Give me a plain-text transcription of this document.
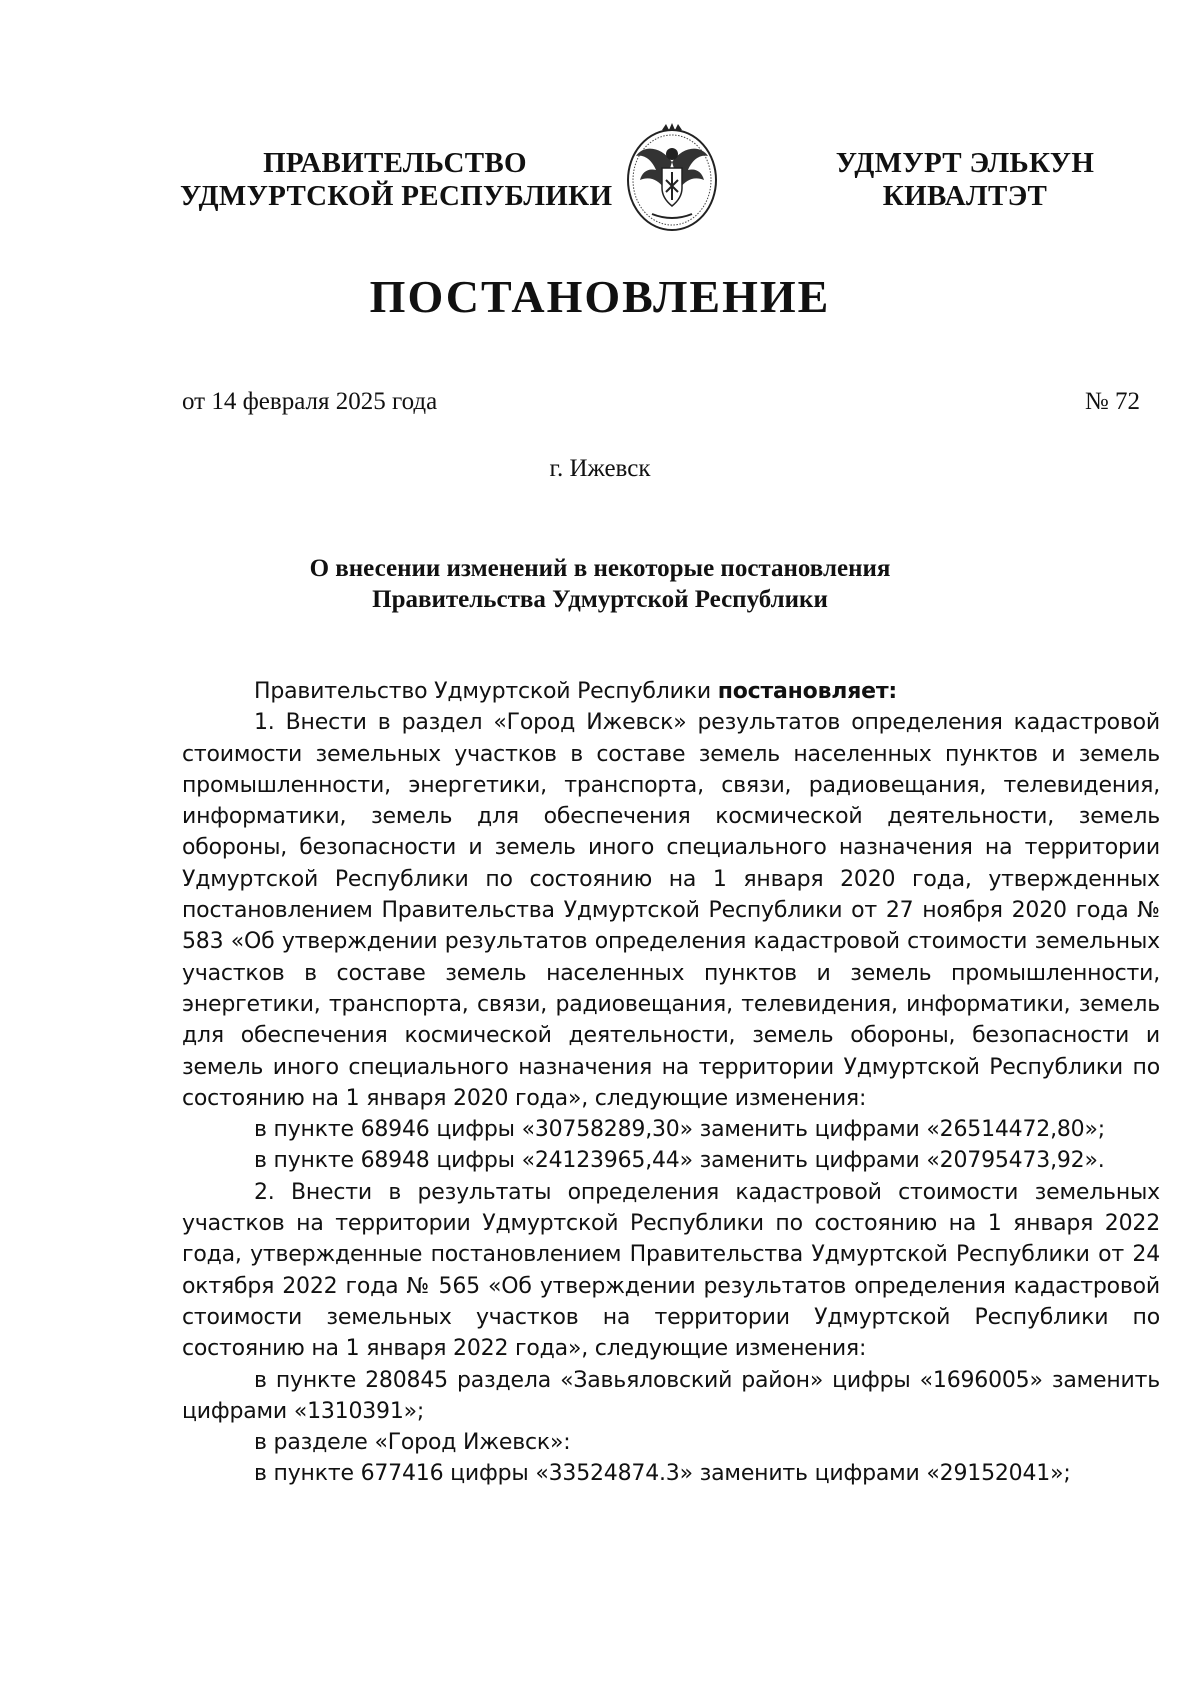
ПРАВИТЕЛЬСТВО
УДМУРТСКОЙ РЕСПУБЛИКИ
УДМУРТ ЭЛЬКУН
КИВАЛТЭТ
ПОСТАНОВЛЕНИЕ
от 14 февраля 2025 года	№ 72
г. Ижевск
О внесении изменений в некоторые постановления
Правительства Удмуртской Республики

Правительство Удмуртской Республики постановляет:

1. Внести в раздел «Город Ижевск» результатов определения кадастровой стоимости земельных участков в составе земель населенных пунктов и земель промышленности, энергетики, транспорта, связи, радиовещания, телевидения, информатики, земель для обеспечения космической деятельности, земель обороны, безопасности и земель иного специального назначения на территории Удмуртской Республики по состоянию на 1 января 2020 года, утвержденных постановлением Правительства Удмуртской Республики от 27 ноября 2020 года № 583 «Об утверждении результатов определения кадастровой стоимости земельных участков в составе земель населенных пунктов и земель промышленности, энергетики, транспорта, связи, радиовещания, телевидения, информатики, земель для обеспечения космической деятельности, земель обороны, безопасности и земель иного специального назначения на территории Удмуртской Республики по состоянию на 1 января 2020 года», следующие изменения:

в пункте 68946 цифры «30758289,30» заменить цифрами «26514472,80»;

в пункте 68948 цифры «24123965,44» заменить цифрами «20795473,92».

2. Внести в результаты определения кадастровой стоимости земельных участков на территории Удмуртской Республики по состоянию на 1 января 2022 года, утвержденные постановлением Правительства Удмуртской Республики от 24 октября 2022 года № 565 «Об утверждении результатов определения кадастровой стоимости земельных участков на территории Удмуртской Республики по состоянию на 1 января 2022 года», следующие изменения:

в пункте 280845 раздела «Завьяловский район» цифры «1696005» заменить цифрами «1310391»;

в разделе «Город Ижевск»:

в пункте 677416 цифры «33524874.3» заменить цифрами «29152041»;
